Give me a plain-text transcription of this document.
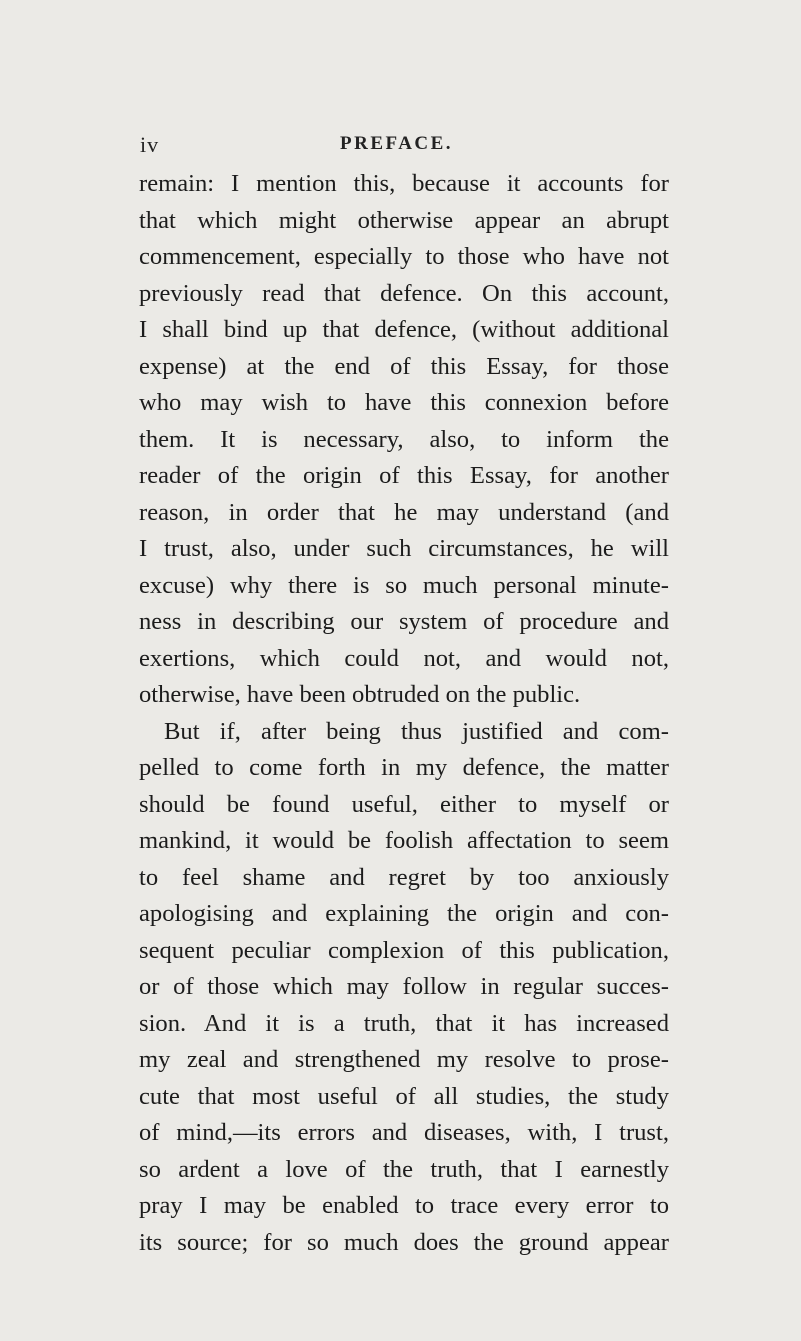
iv	PREFACE.
remain: I mention this, because it accounts for
that which might otherwise appear an abrupt
commencement, especially to those who have not
previously read that defence. On this account,
I shall bind up that defence, (without additional
expense) at the end of this Essay, for those
who may wish to have this connexion before
them. It is necessary, also, to inform the
reader of the origin of this Essay, for another
reason, in order that he may understand (and
I trust, also, under such circumstances, he will
excuse) why there is so much personal minute-
ness in describing our system of procedure and
exertions, which could not, and would not,
otherwise, have been obtruded on the public.
But if, after being thus justified and com-
pelled to come forth in my defence, the matter
should be found useful, either to myself or
mankind, it would be foolish affectation to seem
to feel shame and regret by too anxiously
apologising and explaining the origin and con-
sequent peculiar complexion of this publication,
or of those which may follow in regular succes-
sion. And it is a truth, that it has increased
my zeal and strengthened my resolve to prose-
cute that most useful of all studies, the study
of mind,—its errors and diseases, with, I trust,
so ardent a love of the truth, that I earnestly
pray I may be enabled to trace every error to
its source; for so much does the ground appear
